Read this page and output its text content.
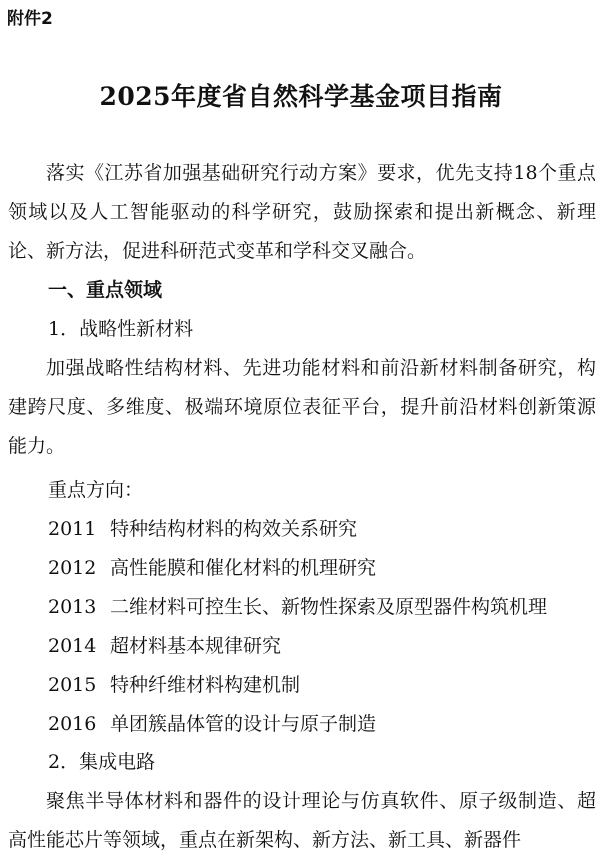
附件2
2025年度省自然科学基金项目指南
落实《江苏省加强基础研究行动方案》要求，优先支持18个重点领域以及人工智能驱动的科学研究，鼓励探索和提出新概念、新理论、新方法，促进科研范式变革和学科交叉融合。
一、重点领域
1．战略性新材料
加强战略性结构材料、先进功能材料和前沿新材料制备研究，构建跨尺度、多维度、极端环境原位表征平台，提升前沿材料创新策源能力。
重点方向：
2011 特种结构材料的构效关系研究
2012 高性能膜和催化材料的机理研究
2013 二维材料可控生长、新物性探索及原型器件构筑机理
2014 超材料基本规律研究
2015 特种纤维材料构建机制
2016 单团簇晶体管的设计与原子制造
2．集成电路
聚焦半导体材料和器件的设计理论与仿真软件、原子级制造、超高性能芯片等领域，重点在新架构、新方法、新工具、新器件
